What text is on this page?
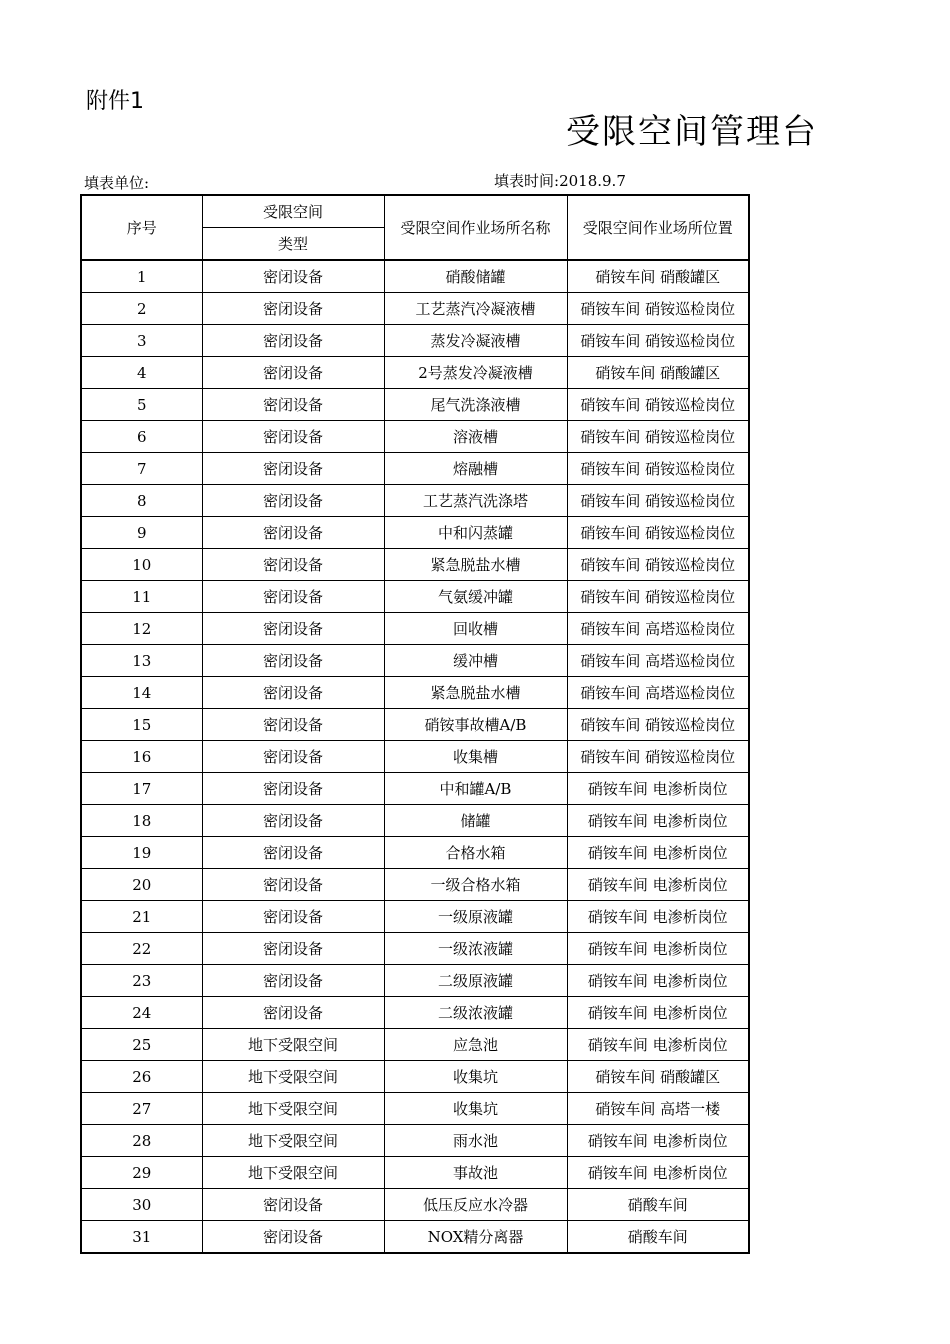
附件1
受限空间管理台
填表单位:	填表时间:2018.9.7
序号	受限空间	受限空间作业场所名称	受限空间作业场所位置
	类型		
1	密闭设备	硝酸储罐	硝铵车间 硝酸罐区
2	密闭设备	工艺蒸汽冷凝液槽	硝铵车间 硝铵巡检岗位
3	密闭设备	蒸发冷凝液槽	硝铵车间 硝铵巡检岗位
4	密闭设备	2号蒸发冷凝液槽	硝铵车间 硝酸罐区
5	密闭设备	尾气洗涤液槽	硝铵车间 硝铵巡检岗位
6	密闭设备	溶液槽	硝铵车间 硝铵巡检岗位
7	密闭设备	熔融槽	硝铵车间 硝铵巡检岗位
8	密闭设备	工艺蒸汽洗涤塔	硝铵车间 硝铵巡检岗位
9	密闭设备	中和闪蒸罐	硝铵车间 硝铵巡检岗位
10	密闭设备	紧急脱盐水槽	硝铵车间 硝铵巡检岗位
11	密闭设备	气氨缓冲罐	硝铵车间 硝铵巡检岗位
12	密闭设备	回收槽	硝铵车间 高塔巡检岗位
13	密闭设备	缓冲槽	硝铵车间 高塔巡检岗位
14	密闭设备	紧急脱盐水槽	硝铵车间 高塔巡检岗位
15	密闭设备	硝铵事故槽A/B	硝铵车间 硝铵巡检岗位
16	密闭设备	收集槽	硝铵车间 硝铵巡检岗位
17	密闭设备	中和罐A/B	硝铵车间 电渗析岗位
18	密闭设备	储罐	硝铵车间 电渗析岗位
19	密闭设备	合格水箱	硝铵车间 电渗析岗位
20	密闭设备	一级合格水箱	硝铵车间 电渗析岗位
21	密闭设备	一级原液罐	硝铵车间 电渗析岗位
22	密闭设备	一级浓液罐	硝铵车间 电渗析岗位
23	密闭设备	二级原液罐	硝铵车间 电渗析岗位
24	密闭设备	二级浓液罐	硝铵车间 电渗析岗位
25	地下受限空间	应急池	硝铵车间 电渗析岗位
26	地下受限空间	收集坑	硝铵车间 硝酸罐区
27	地下受限空间	收集坑	硝铵车间 高塔一楼
28	地下受限空间	雨水池	硝铵车间 电渗析岗位
29	地下受限空间	事故池	硝铵车间 电渗析岗位
30	密闭设备	低压反应水冷器	硝酸车间
31	密闭设备	NOX精分离器	硝酸车间
